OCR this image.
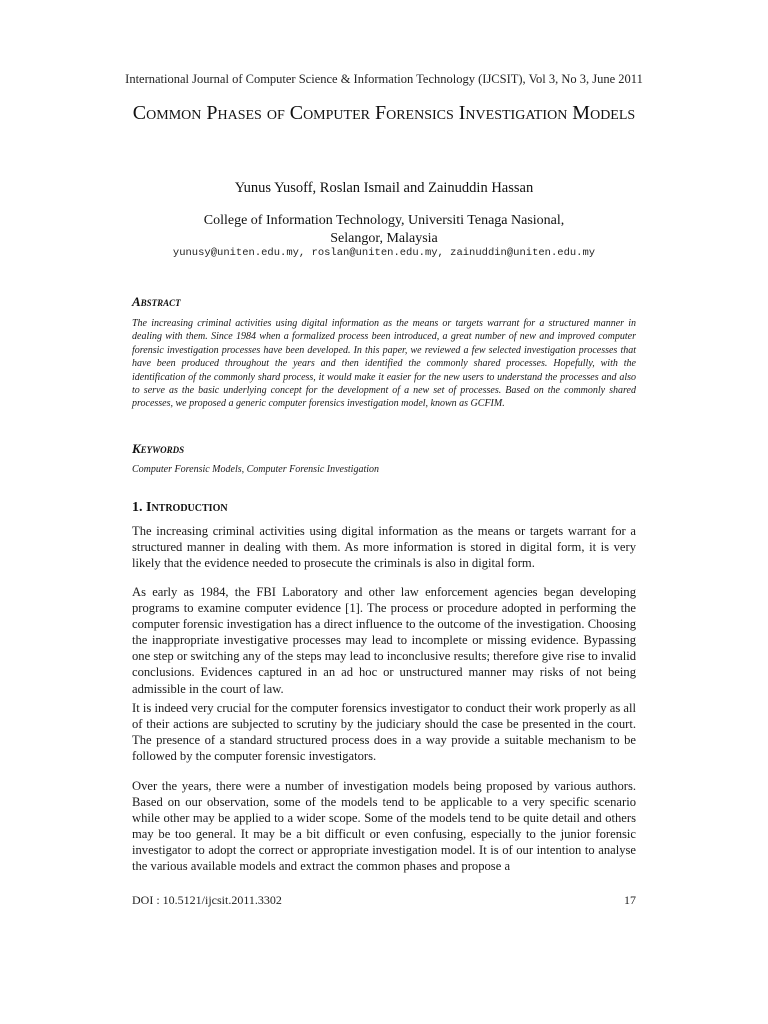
International Journal of Computer Science & Information Technology (IJCSIT), Vol 3, No 3, June 2011
Common Phases of Computer Forensics Investigation Models
Yunus Yusoff, Roslan Ismail and Zainuddin Hassan
College of Information Technology, Universiti Tenaga Nasional,
Selangor, Malaysia
yunusy@uniten.edu.my, roslan@uniten.edu.my, zainuddin@uniten.edu.my
Abstract
The increasing criminal activities using digital information as the means or targets warrant for a structured manner in dealing with them. Since 1984 when a formalized process been introduced, a great number of new and improved computer forensic investigation processes have been developed. In this paper, we reviewed a few selected investigation processes that have been produced throughout the years and then identified the commonly shared processes. Hopefully, with the identification of the commonly shard process, it would make it easier for the new users to understand the processes and also to serve as the basic underlying concept for the development of a new set of processes. Based on the commonly shared processes, we proposed a generic computer forensics investigation model, known as GCFIM.
Keywords
Computer Forensic Models, Computer Forensic Investigation
1. Introduction
The increasing criminal activities using digital information as the means or targets warrant for a structured manner in dealing with them. As more information is stored in digital form, it is very likely that the evidence needed to prosecute the criminals is also in digital form.
As early as 1984, the FBI Laboratory and other law enforcement agencies began developing programs to examine computer evidence [1]. The process or procedure adopted in performing the computer forensic investigation has a direct influence to the outcome of the investigation. Choosing the inappropriate investigative processes may lead to incomplete or missing evidence. Bypassing one step or switching any of the steps may lead to inconclusive results; therefore give rise to invalid conclusions. Evidences captured in an ad hoc or unstructured manner may risks of not being admissible in the court of law.
It is indeed very crucial for the computer forensics investigator to conduct their work properly as all of their actions are subjected to scrutiny by the judiciary should the case be presented in the court. The presence of a standard structured process does in a way provide a suitable mechanism to be followed by the computer forensic investigators.
Over the years, there were a number of investigation models being proposed by various authors. Based on our observation, some of the models tend to be applicable to a very specific scenario while other may be applied to a wider scope. Some of the models tend to be quite detail and others may be too general. It may be a bit difficult or even confusing, especially to the junior forensic investigator to adopt the correct or appropriate investigation model. It is of our intention to analyse the various available models and extract the common phases and propose a
DOI : 10.5121/ijcsit.2011.3302	17
